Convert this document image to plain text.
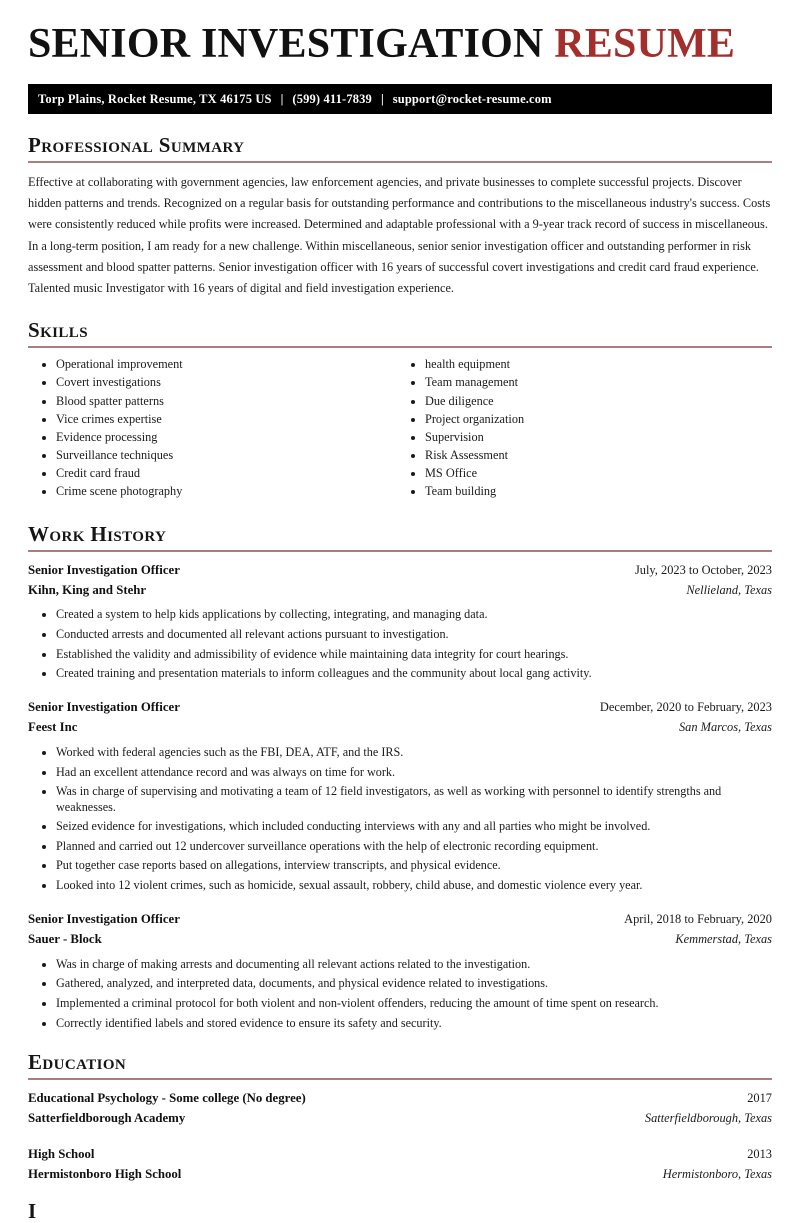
SENIOR INVESTIGATION RESUME
Torp Plains, Rocket Resume, TX 46175 US | (599) 411-7839 | support@rocket-resume.com
Professional Summary
Effective at collaborating with government agencies, law enforcement agencies, and private businesses to complete successful projects. Discover hidden patterns and trends. Recognized on a regular basis for outstanding performance and contributions to the miscellaneous industry's success. Costs were consistently reduced while profits were increased. Determined and adaptable professional with a 9-year track record of success in miscellaneous. In a long-term position, I am ready for a new challenge. Within miscellaneous, senior senior investigation officer and outstanding performer in risk assessment and blood spatter patterns. Senior investigation officer with 16 years of successful covert investigations and credit card fraud experience. Talented music Investigator with 16 years of digital and field investigation experience.
Skills
• Operational improvement
• Covert investigations
• Blood spatter patterns
• Vice crimes expertise
• Evidence processing
• Surveillance techniques
• Credit card fraud
• Crime scene photography
• health equipment
• Team management
• Due diligence
• Project organization
• Supervision
• Risk Assessment
• MS Office
• Team building
Work History
Senior Investigation Officer	July, 2023 to October, 2023
Kihn, King and Stehr	Nellieland, Texas
• Created a system to help kids applications by collecting, integrating, and managing data.
• Conducted arrests and documented all relevant actions pursuant to investigation.
• Established the validity and admissibility of evidence while maintaining data integrity for court hearings.
• Created training and presentation materials to inform colleagues and the community about local gang activity.
Senior Investigation Officer	December, 2020 to February, 2023
Feest Inc	San Marcos, Texas
• Worked with federal agencies such as the FBI, DEA, ATF, and the IRS.
• Had an excellent attendance record and was always on time for work.
• Was in charge of supervising and motivating a team of 12 field investigators, as well as working with personnel to identify strengths and weaknesses.
• Seized evidence for investigations, which included conducting interviews with any and all parties who might be involved.
• Planned and carried out 12 undercover surveillance operations with the help of electronic recording equipment.
• Put together case reports based on allegations, interview transcripts, and physical evidence.
• Looked into 12 violent crimes, such as homicide, sexual assault, robbery, child abuse, and domestic violence every year.
Senior Investigation Officer	April, 2018 to February, 2020
Sauer - Block	Kemmerstad, Texas
• Was in charge of making arrests and documenting all relevant actions related to the investigation.
• Gathered, analyzed, and interpreted data, documents, and physical evidence related to investigations.
• Implemented a criminal protocol for both violent and non-violent offenders, reducing the amount of time spent on research.
• Correctly identified labels and stored evidence to ensure its safety and security.
Education
Educational Psychology - Some college (No degree)	2017
Satterfieldborough Academy	Satterfieldborough, Texas
High School	2013
Hermistonboro High School	Hermistonboro, Texas
I
